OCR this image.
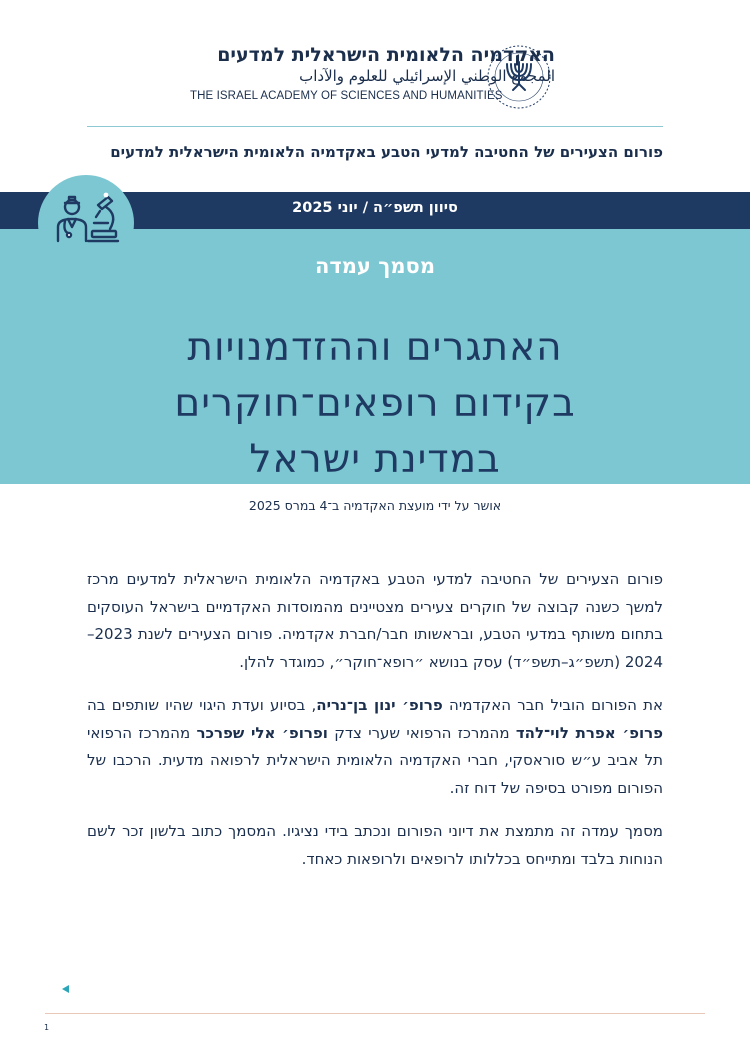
האקדמיה הלאומית הישראלית למדעים
المجمع الوطني الإسرائيلي للعلوم والآداب
THE ISRAEL ACADEMY OF SCIENCES AND HUMANITIES
פורום הצעירים של החטיבה למדעי הטבע באקדמיה הלאומית הישראלית למדעים
סיוון תשפ״ה / יוני 2025
מסמך עמדה
האתגרים וההזדמנויות
בקידום רופאים־חוקרים
במדינת ישראל
אושר על ידי מועצת האקדמיה ב־4 במרס 2025

פורום הצעירים של החטיבה למדעי הטבע באקדמיה הלאומית הישראלית למדעים מרכז למשך כשנה קבוצה של חוקרים צעירים מצטיינים מהמוסדות האקדמיים בישראל העוסקים בתחום משותף במדעי הטבע, ובראשותו חבר/חברת אקדמיה. פורום הצעירים לשנת 2023–2024 (תשפ״ג–תשפ״ד) עסק בנושא ״רופא־חוקר״, כמוגדר להלן.

את הפורום הוביל חבר האקדמיה פרופ׳ ינון בן־נריה, בסיוע ועדת היגוי שהיו שותפים בה פרופ׳ אפרת לוי־להד מהמרכז הרפואי שערי צדק ופרופ׳ אלי שפרכר מהמרכז הרפואי תל אביב ע״ש סוראסקי, חברי האקדמיה הלאומית הישראלית לרפואה מדעית. הרכבו של הפורום מפורט בסיפה של דוח זה.

מסמך עמדה זה מתמצת את דיוני הפורום ונכתב בידי נציגיו. המסמך כתוב בלשון זכר לשם הנוחות בלבד ומתייחס בכללותו לרופאים ולרופאות כאחד.

1
